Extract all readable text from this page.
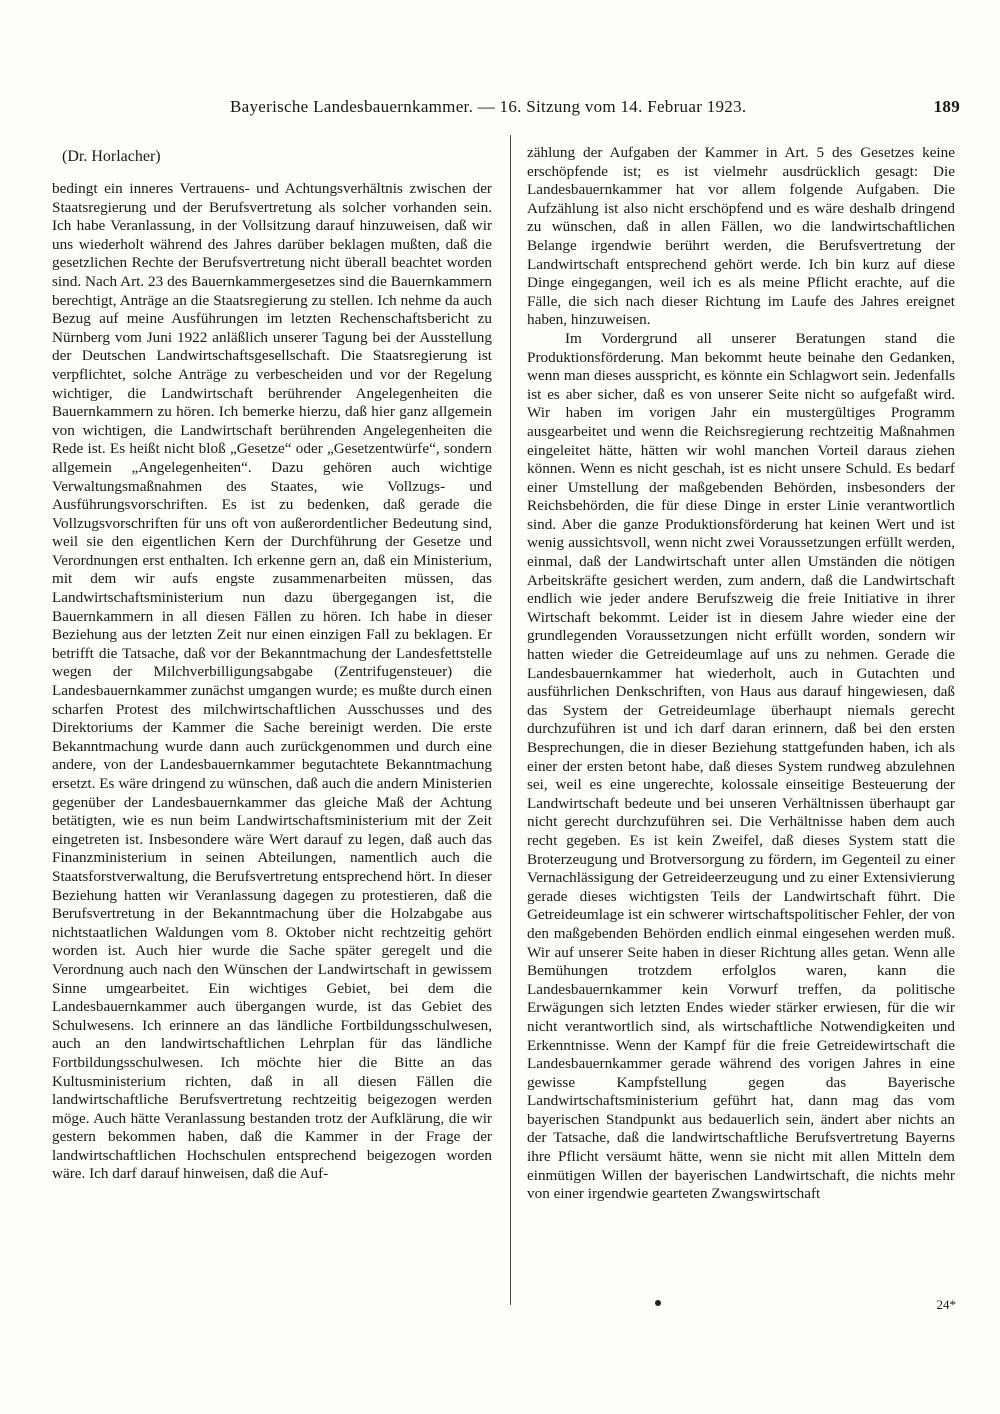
Bayerische Landesbauernkammer. — 16. Sitzung vom 14. Februar 1923.	189
(Dr. Horlacher)

bedingt ein inneres Vertrauens- und Achtungsverhältnis zwischen der Staatsregierung und der Berufsvertretung als solcher vorhanden sein. Ich habe Veranlassung, in der Vollsitzung darauf hinzuweisen, daß wir uns wiederholt während des Jahres darüber beklagen mußten, daß die gesetzlichen Rechte der Berufsvertretung nicht überall beachtet worden sind. Nach Art. 23 des Bauernkammergesetzes sind die Bauernkammern berechtigt, Anträge an die Staatsregierung zu stellen. Ich nehme da auch Bezug auf meine Ausführungen im letzten Rechenschaftsbericht zu Nürnberg vom Juni 1922 anläßlich unserer Tagung bei der Ausstellung der Deutschen Landwirtschaftsgesellschaft. Die Staatsregierung ist verpflichtet, solche Anträge zu verbescheiden und vor der Regelung wichtiger, die Landwirtschaft berührender Angelegenheiten die Bauernkammern zu hören. Ich bemerke hierzu, daß hier ganz allgemein von wichtigen, die Landwirtschaft berührenden Angelegenheiten die Rede ist. Es heißt nicht bloß „Gesetze“ oder „Gesetzentwürfe“, sondern allgemein „Angelegenheiten“. Dazu gehören auch wichtige Verwaltungsmaßnahmen des Staates, wie Vollzugs- und Ausführungsvorschriften. Es ist zu bedenken, daß gerade die Vollzugsvorschriften für uns oft von außerordentlicher Bedeutung sind, weil sie den eigentlichen Kern der Durchführung der Gesetze und Verordnungen erst enthalten. Ich erkenne gern an, daß ein Ministerium, mit dem wir aufs engste zusammenarbeiten müssen, das Landwirtschaftsministerium nun dazu übergegangen ist, die Bauernkammern in all diesen Fällen zu hören. Ich habe in dieser Beziehung aus der letzten Zeit nur einen einzigen Fall zu beklagen. Er betrifft die Tatsache, daß vor der Bekanntmachung der Landesfettstelle wegen der Milchverbilligungsabgabe (Zentrifugensteuer) die Landesbauernkammer zunächst umgangen wurde; es mußte durch einen scharfen Protest des milchwirtschaftlichen Ausschusses und des Direktoriums der Kammer die Sache bereinigt werden. Die erste Bekanntmachung wurde dann auch zurückgenommen und durch eine andere, von der Landesbauernkammer begutachtete Bekanntmachung ersetzt. Es wäre dringend zu wünschen, daß auch die andern Ministerien gegenüber der Landesbauernkammer das gleiche Maß der Achtung betätigten, wie es nun beim Landwirtschaftsministerium mit der Zeit eingetreten ist. Insbesondere wäre Wert darauf zu legen, daß auch das Finanzministerium in seinen Abteilungen, namentlich auch die Staatsforstverwaltung, die Berufsvertretung entsprechend hört. In dieser Beziehung hatten wir Veranlassung dagegen zu protestieren, daß die Berufsvertretung in der Bekanntmachung über die Holzabgabe aus nichtstaatlichen Waldungen vom 8. Oktober nicht rechtzeitig gehört worden ist. Auch hier wurde die Sache später geregelt und die Verordnung auch nach den Wünschen der Landwirtschaft in gewissem Sinne umgearbeitet. Ein wichtiges Gebiet, bei dem die Landesbauernkammer auch übergangen wurde, ist das Gebiet des Schulwesens. Ich erinnere an das ländliche Fortbildungsschulwesen, auch an den landwirtschaftlichen Lehrplan für das ländliche Fortbildungsschulwesen. Ich möchte hier die Bitte an das Kultusministerium richten, daß in all diesen Fällen die landwirtschaftliche Berufsvertretung rechtzeitig beigezogen werden möge. Auch hätte Veranlassung bestanden trotz der Aufklärung, die wir gestern bekommen haben, daß die Kammer in der Frage der landwirtschaftlichen Hochschulen entsprechend beigezogen worden wäre. Ich darf darauf hinweisen, daß die Auf-

zählung der Aufgaben der Kammer in Art. 5 des Gesetzes keine erschöpfende ist; es ist vielmehr ausdrücklich gesagt: Die Landesbauernkammer hat vor allem folgende Aufgaben. Die Aufzählung ist also nicht erschöpfend und es wäre deshalb dringend zu wünschen, daß in allen Fällen, wo die landwirtschaftlichen Belange irgendwie berührt werden, die Berufsvertretung der Landwirtschaft entsprechend gehört werde. Ich bin kurz auf diese Dinge eingegangen, weil ich es als meine Pflicht erachte, auf die Fälle, die sich nach dieser Richtung im Laufe des Jahres ereignet haben, hinzuweisen.

Im Vordergrund all unserer Beratungen stand die Produktionsförderung. Man bekommt heute beinahe den Gedanken, wenn man dieses ausspricht, es könnte ein Schlagwort sein. Jedenfalls ist es aber sicher, daß es von unserer Seite nicht so aufgefaßt wird. Wir haben im vorigen Jahr ein mustergültiges Programm ausgearbeitet und wenn die Reichsregierung rechtzeitig Maßnahmen eingeleitet hätte, hätten wir wohl manchen Vorteil daraus ziehen können. Wenn es nicht geschah, ist es nicht unsere Schuld. Es bedarf einer Umstellung der maßgebenden Behörden, insbesonders der Reichsbehörden, die für diese Dinge in erster Linie verantwortlich sind. Aber die ganze Produktionsförderung hat keinen Wert und ist wenig aussichtsvoll, wenn nicht zwei Voraussetzungen erfüllt werden, einmal, daß der Landwirtschaft unter allen Umständen die nötigen Arbeitskräfte gesichert werden, zum andern, daß die Landwirtschaft endlich wie jeder andere Berufszweig die freie Initiative in ihrer Wirtschaft bekommt. Leider ist in diesem Jahre wieder eine der grundlegenden Voraussetzungen nicht erfüllt worden, sondern wir hatten wieder die Getreideumlage auf uns zu nehmen. Gerade die Landesbauernkammer hat wiederholt, auch in Gutachten und ausführlichen Denkschriften, von Haus aus darauf hingewiesen, daß das System der Getreideumlage überhaupt niemals gerecht durchzuführen ist und ich darf daran erinnern, daß bei den ersten Besprechungen, die in dieser Beziehung stattgefunden haben, ich als einer der ersten betont habe, daß dieses System rundweg abzulehnen sei, weil es eine ungerechte, kolossale einseitige Besteuerung der Landwirtschaft bedeute und bei unseren Verhältnissen überhaupt gar nicht gerecht durchzuführen sei. Die Verhältnisse haben dem auch recht gegeben. Es ist kein Zweifel, daß dieses System statt die Broterzeugung und Brotversorgung zu fördern, im Gegenteil zu einer Vernachlässigung der Getreideerzeugung und zu einer Extensivierung gerade dieses wichtigsten Teils der Landwirtschaft führt. Die Getreideumlage ist ein schwerer wirtschaftspolitischer Fehler, der von den maßgebenden Behörden endlich einmal eingesehen werden muß. Wir auf unserer Seite haben in dieser Richtung alles getan. Wenn alle Bemühungen trotzdem erfolglos waren, kann die Landesbauernkammer kein Vorwurf treffen, da politische Erwägungen sich letzten Endes wieder stärker erwiesen, für die wir nicht verantwortlich sind, als wirtschaftliche Notwendigkeiten und Erkenntnisse. Wenn der Kampf für die freie Getreidewirtschaft die Landesbauernkammer gerade während des vorigen Jahres in eine gewisse Kampfstellung gegen das Bayerische Landwirtschaftsministerium geführt hat, dann mag das vom bayerischen Standpunkt aus bedauerlich sein, ändert aber nichts an der Tatsache, daß die landwirtschaftliche Berufsvertretung Bayerns ihre Pflicht versäumt hätte, wenn sie nicht mit allen Mitteln dem einmütigen Willen der bayerischen Landwirtschaft, die nichts mehr von einer irgendwie gearteten Zwangswirtschaft

24*
